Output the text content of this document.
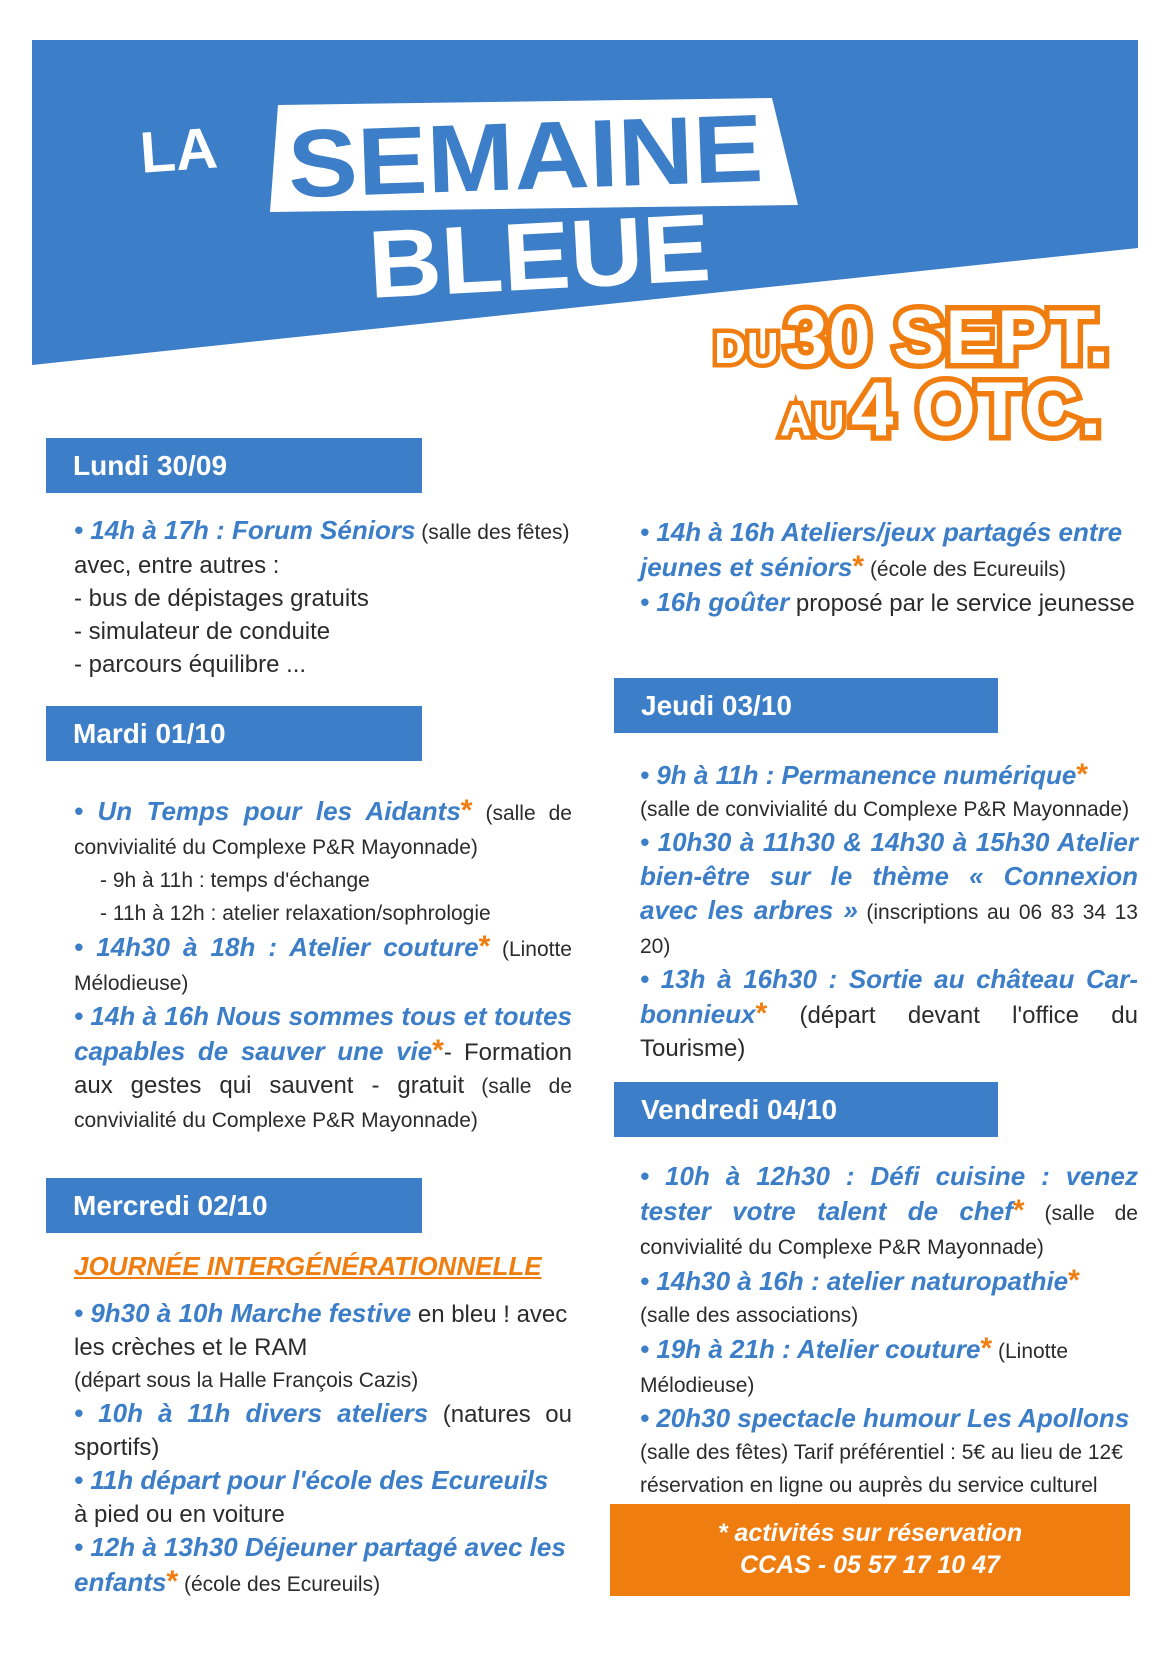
LA SEMAINE
BLEUE
DU 30 SEPT.
AU 4 OTC.
Lundi 30/09

• 14h à 17h : Forum Séniors (salle des fêtes)

avec, entre autres :

- bus de dépistages gratuits

- simulateur de conduite

- parcours équilibre ...

Mardi 01/10

• Un Temps pour les Aidants* (salle de convivialité du Complexe P&R Mayonnade)

- 9h à 11h : temps d'échange

- 11h à 12h : atelier relaxation/sophrologie

• 14h30 à 18h : Atelier couture* (Linotte Mélodieuse)

• 14h à 16h Nous sommes tous et toutes capables de sauver une vie*- Formation aux gestes qui sauvent - gratuit (salle de convivialité du Complexe P&R Mayonnade)

Mercredi 02/10

JOURNÉE INTERGÉNÉRATIONNELLE

• 9h30 à 10h Marche festive en bleu ! avec les crèches et le RAM

(départ sous la Halle François Cazis)

• 10h à 11h divers ateliers (natures ou sportifs)

• 11h départ pour l'école des Ecureuils

à pied ou en voiture

• 12h à 13h30 Déjeuner partagé avec les enfants* (école des Ecureuils)

• 14h à 16h Ateliers/jeux partagés entre jeunes et séniors* (école des Ecureuils)

• 16h goûter proposé par le service jeunesse

Jeudi 03/10

• 9h à 11h : Permanence numérique*

(salle de convivialité du Complexe P&R Mayonnade)

• 10h30 à 11h30 & 14h30 à 15h30 Atelier bien-être sur le thème « Connexion avec les arbres » (inscriptions au 06 83 34 13 20)

• 13h à 16h30 : Sortie au château Car-bonnieux* (départ devant l'office du Tourisme)

Vendredi 04/10

• 10h à 12h30 : Défi cuisine : venez tester votre talent de chef* (salle de convivialité du Complexe P&R Mayonnade)

• 14h30 à 16h : atelier naturopathie*

(salle des associations)

• 19h à 21h : Atelier couture* (Linotte Mélodieuse)

• 20h30 spectacle humour Les Apollons

(salle des fêtes) Tarif préférentiel : 5€ au lieu de 12€ réservation en ligne ou auprès du service culturel

* activités sur réservation
CCAS - 05 57 17 10 47
